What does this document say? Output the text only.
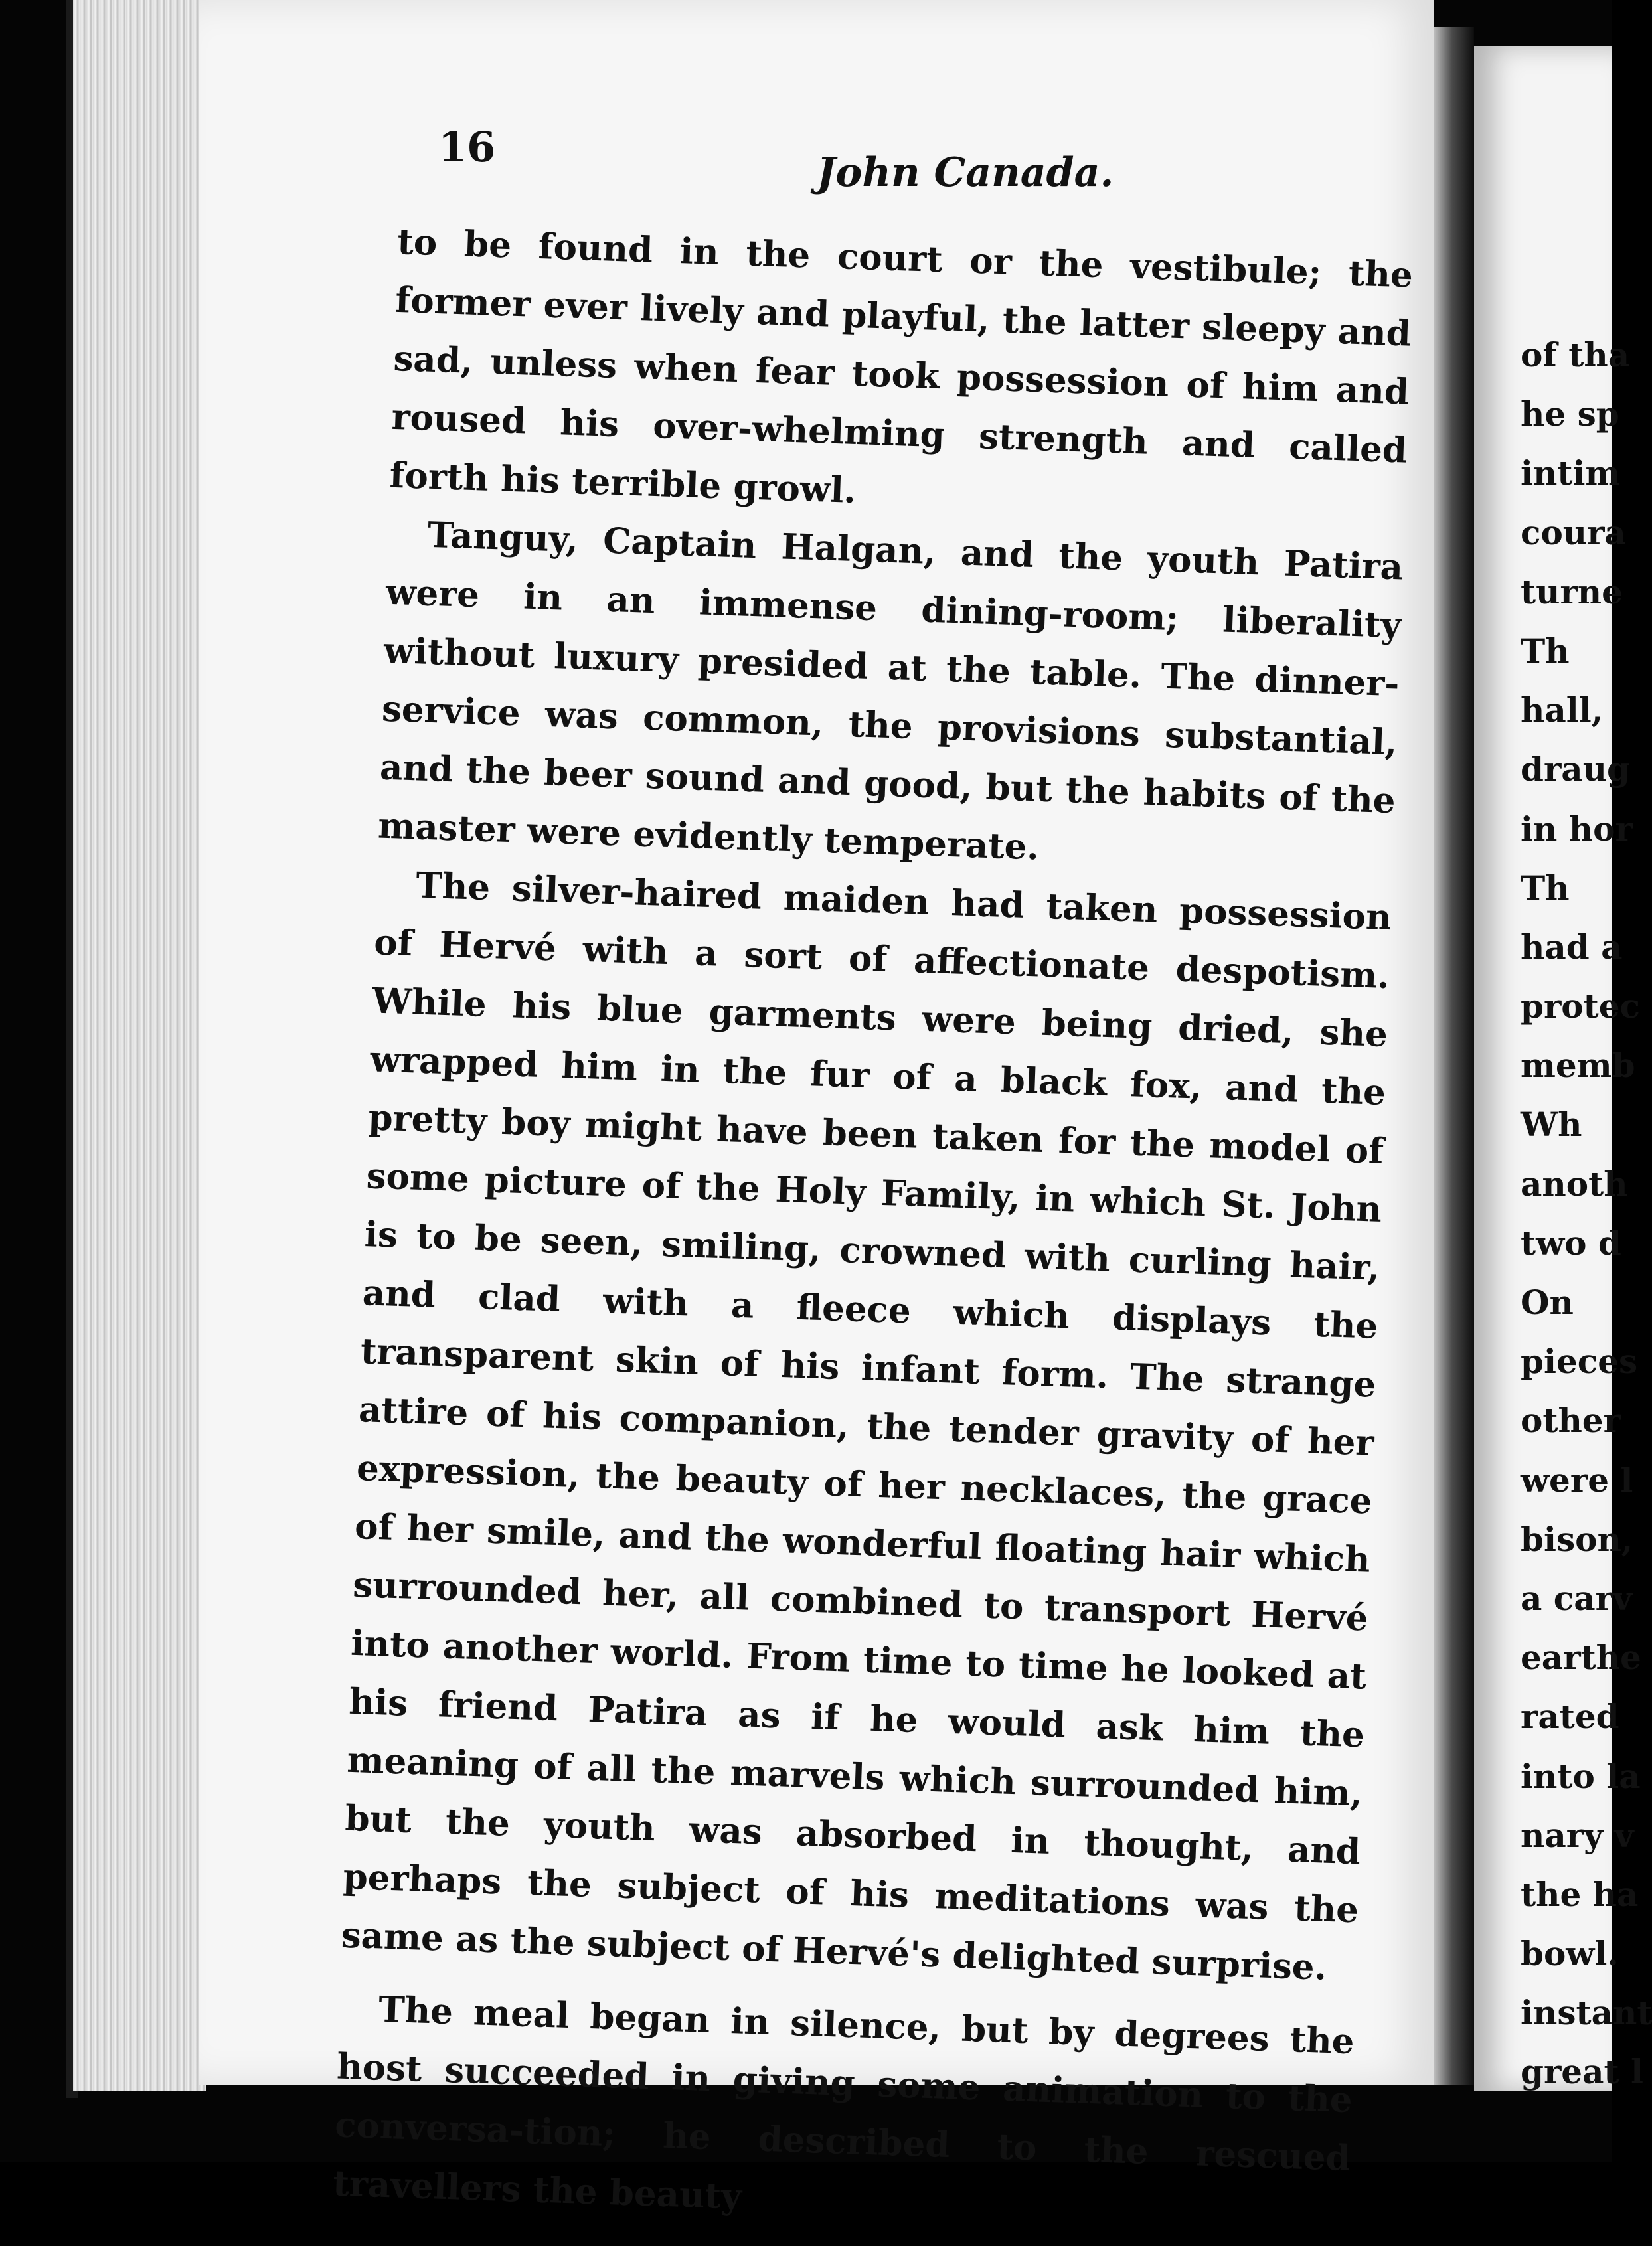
16
John Canada.

to be found in the court or the vestibule; the former ever lively and playful, the latter sleepy and sad, unless when fear took possession of him and roused his over-whelming strength and called forth his terrible growl.

Tanguy, Captain Halgan, and the youth Patira were in an immense dining-room; liberality without luxury presided at the table. The dinner-service was common, the provisions substantial, and the beer sound and good, but the habits of the master were evidently temperate.

The silver-haired maiden had taken possession of Hervé with a sort of affectionate despotism. While his blue garments were being dried, she wrapped him in the fur of a black fox, and the pretty boy might have been taken for the model of some picture of the Holy Family, in which St. John is to be seen, smiling, crowned with curling hair, and clad with a fleece which displays the transparent skin of his infant form. The strange attire of his companion, the tender gravity of her expression, the beauty of her necklaces, the grace of her smile, and the wonderful floating hair which surrounded her, all combined to transport Hervé into another world. From time to time he looked at his friend Patira as if he would ask him the meaning of all the marvels which surrounded him, but the youth was absorbed in thought, and perhaps the subject of his meditations was the same as the subject of Hervé's delighted surprise.

The meal began in silence, but by degrees the host succeeded in giving some animation to the conversa-tion; he described to the rescued travellers the beauty

of tha
he sp
intim
coura
turne
Th
hall,
draug
in hor
Th
had a
protec
memb
Wh
anoth
two d
On
pieces
other
were l
bison,
a carv
earthe
rated
into la
nary v
the ha
bowl.
instant
great l
